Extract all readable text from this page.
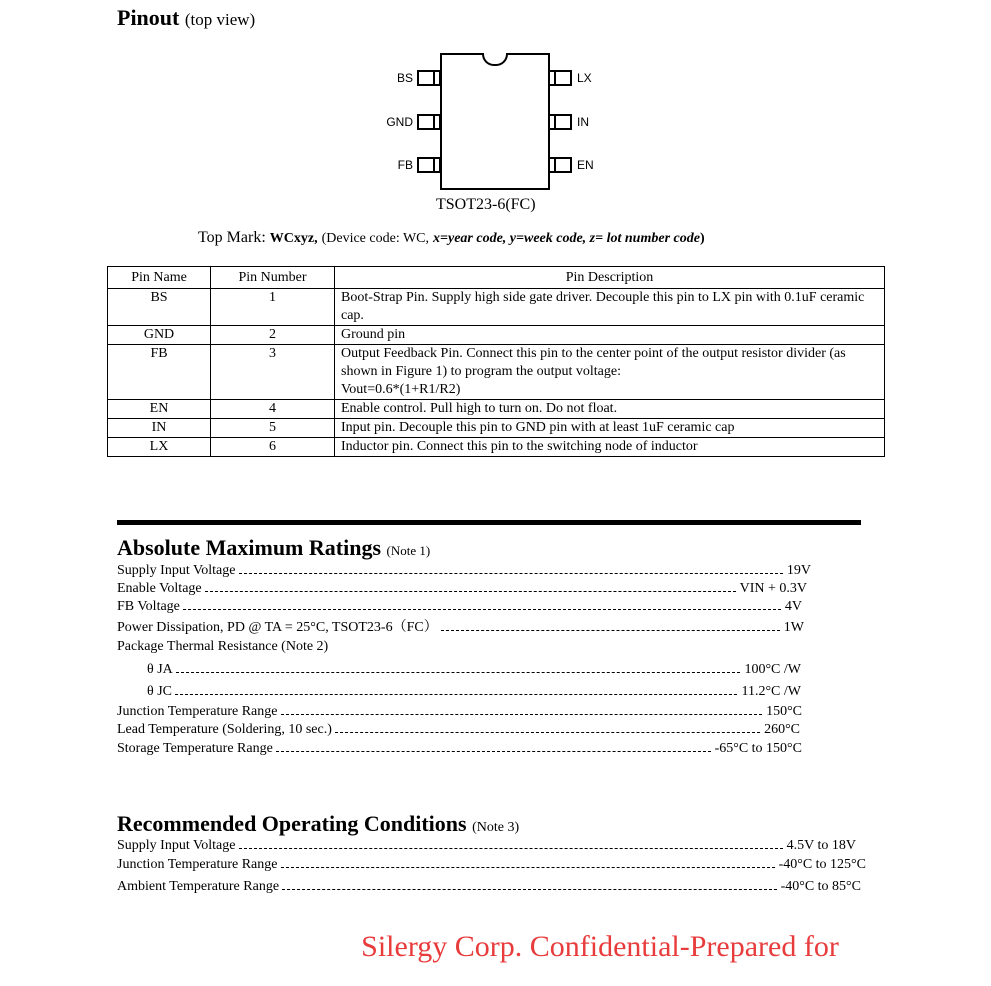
Pinout (top view)
BS
GND
FB
LX
IN
EN
TSOT23-6(FC)
Top Mark: WCxyz, (Device code: WC, x=year code, y=week code, z= lot number code)
Pin Name	Pin Number	Pin Description
BS	1	Boot-Strap Pin. Supply high side gate driver. Decouple this pin to LX pin with 0.1uF ceramic cap.
GND	2	Ground pin
FB	3	Output Feedback Pin. Connect this pin to the center point of the output resistor divider (as shown in Figure 1) to program the output voltage:
Vout=0.6*(1+R1/R2)

EN	4	Enable control. Pull high to turn on. Do not float.
IN	5	Input pin. Decouple this pin to GND pin with at least 1uF ceramic cap
LX	6	Inductor pin. Connect this pin to the switching node of inductor
Absolute Maximum Ratings (Note 1)
Supply Input Voltage	19V
Enable Voltage	VIN + 0.3V
FB Voltage	4V
Power Dissipation, PD @ TA = 25°C, TSOT23-6（FC）	1W
Package Thermal Resistance (Note 2)
θ JA	100°C /W
θ JC	11.2°C /W
Junction Temperature Range	150°C
Lead Temperature (Soldering, 10 sec.)	260°C
Storage Temperature Range	-65°C to 150°C
Recommended Operating Conditions (Note 3)
Supply Input Voltage	4.5V to 18V
Junction Temperature Range	-40°C to 125°C
Ambient Temperature Range	-40°C to 85°C
Silergy Corp. Confidential-Prepared for
